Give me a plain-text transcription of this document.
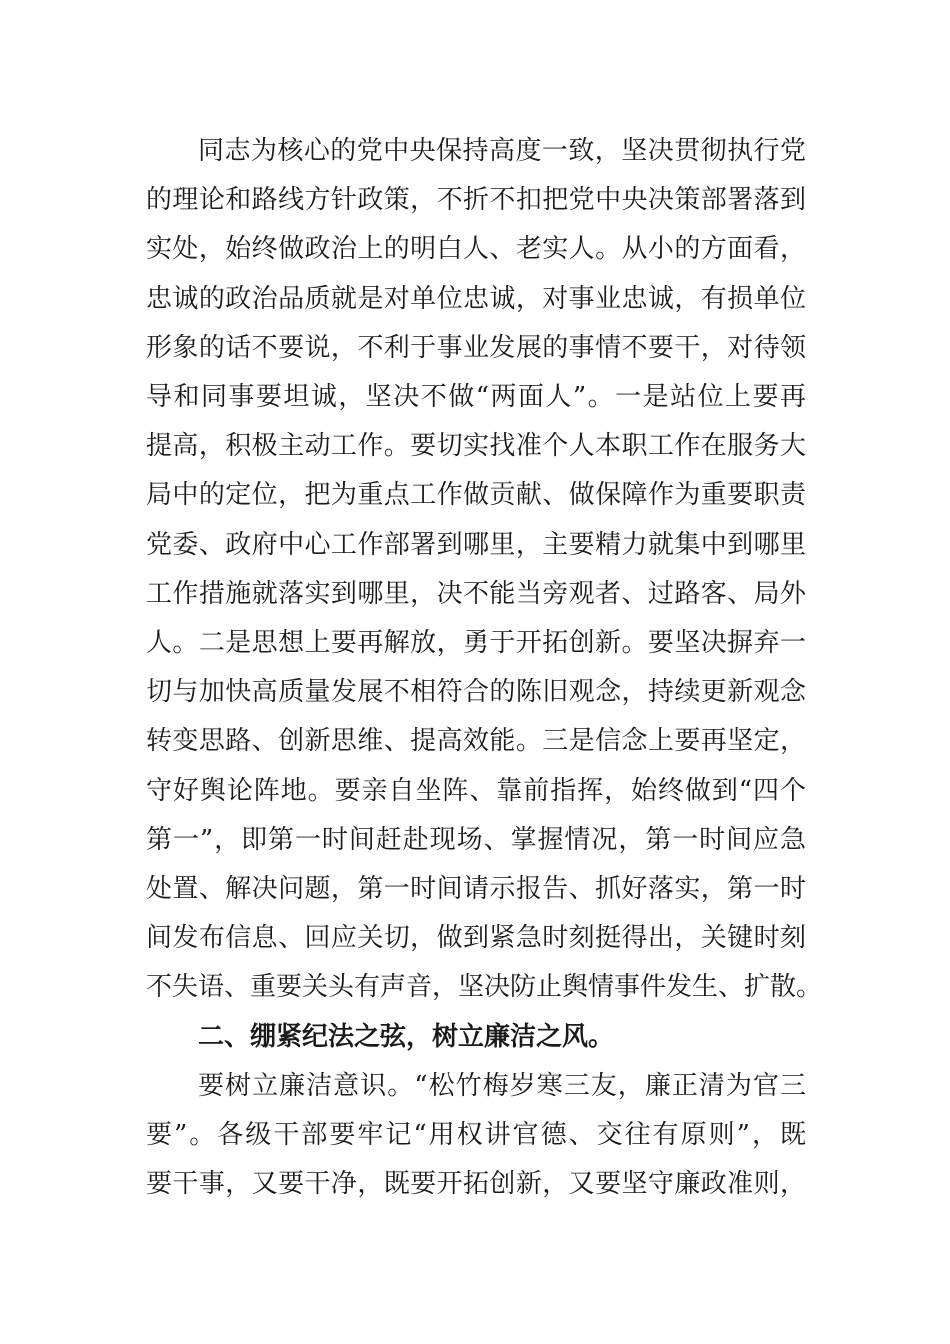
同志为核心的党中央保持高度一致，坚决贯彻执行党
的理论和路线方针政策，不折不扣把党中央决策部署落到
实处，始终做政治上的明白人、老实人。从小的方面看，
忠诚的政治品质就是对单位忠诚，对事业忠诚，有损单位
形象的话不要说，不利于事业发展的事情不要干，对待领
导和同事要坦诚，坚决不做“两面人”。一是站位上要再
提高，积极主动工作。要切实找准个人本职工作在服务大
局中的定位，把为重点工作做贡献、做保障作为重要职责
党委、政府中心工作部署到哪里，主要精力就集中到哪里
工作措施就落实到哪里，决不能当旁观者、过路客、局外
人。二是思想上要再解放，勇于开拓创新。要坚决摒弃一
切与加快高质量发展不相符合的陈旧观念，持续更新观念
转变思路、创新思维、提高效能。三是信念上要再坚定，
守好舆论阵地。要亲自坐阵、靠前指挥，始终做到“四个
第一”，即第一时间赶赴现场、掌握情况，第一时间应急
处置、解决问题，第一时间请示报告、抓好落实，第一时
间发布信息、回应关切，做到紧急时刻挺得出，关键时刻
不失语、重要关头有声音，坚决防止舆情事件发生、扩散。
二、绷紧纪法之弦，树立廉洁之风。
要树立廉洁意识。“松竹梅岁寒三友，廉正清为官三
要”。各级干部要牢记“用权讲官德、交往有原则”，既
要干事，又要干净，既要开拓创新，又要坚守廉政准则，
